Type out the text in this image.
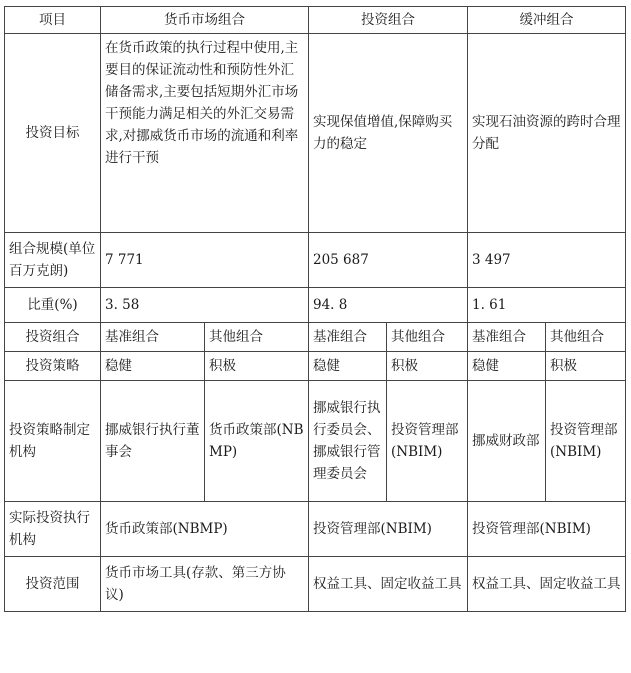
项目	货币市场组合		投资组合		缓冲组合	
投资目标	在货币政策的执行过程中使用,主要目的保证流动性和预防性外汇储备需求,主要包括短期外汇市场干预能力满足相关的外汇交易需求,对挪威货币市场的流通和利率进行干预		实现保值增值,保障购买力的稳定		实现石油资源的跨时合理分配	
组合规模(单位百万克朗)	7 771		205 687		3 497	
比重(%)	3. 58		94. 8		1. 61	
投资组合	基准组合	其他组合	基准组合	其他组合	基准组合	其他组合
投资策略	稳健	积极	稳健	积极	稳健	积极
投资策略制定机构	挪威银行执行董事会	货币政策部(NBMP)	挪威银行执行委员会、挪威银行管理委员会	投资管理部(NBIM)	挪威财政部	投资管理部(NBIM)
实际投资执行机构	货币政策部(NBMP)		投资管理部(NBIM)		投资管理部(NBIM)	
投资范围	货币市场工具(存款、第三方协议)		权益工具、固定收益工具		权益工具、固定收益工具	
